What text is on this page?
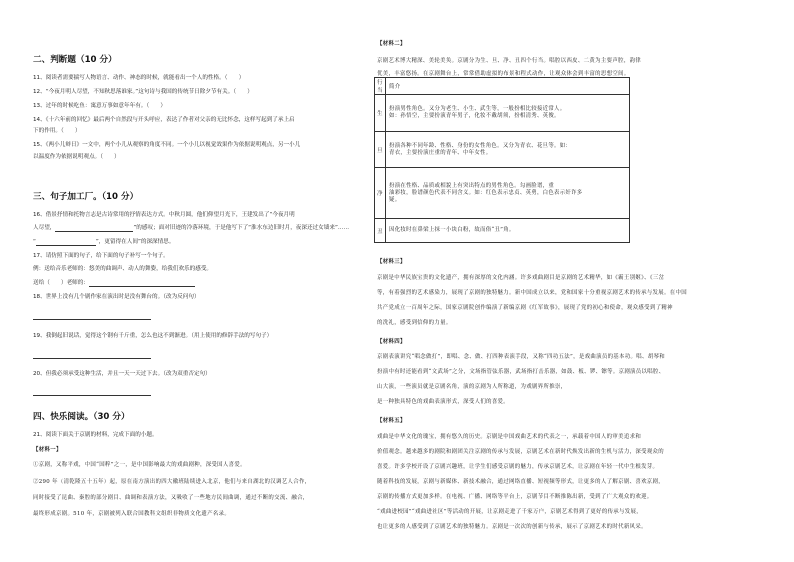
二、判断题（10 分）
11、阅读者需要揣写人物语言、动作、神态的时候，就能看出一个人的性格。（　　）
12、“今夜月明人尽望，不知秋思落谁家。”这句诗与我国的传统节日除夕节有关。（　　）
13、过年的时候吃鱼：寓意万事如意年年有。（　　）
14、《十六年前的回忆》最后两个自然段与开头呼应，表达了作者对父亲的无比怀念，这样写起到了承上启
下的作用。（　　）
15、《两小儿辩日》一文中，两个小儿从观察的角度不同。一个小儿以视觉效果作为依据说明观点，另一小儿
以温度作为依据说明观点。（　　）
三、句子加工厂。（10 分）
16、借景抒情和托物言志是古诗常用的抒情表达方式。中秋月圆，他们仰望月光下，王建发出了“今夜月明
人尽望，	”的感叹；面对旧迹的冷落环境，于是他写下了“淮水东边旧时月，夜深还过女墙来”……
“	”，更留得在人间”的深深情思。
17、请仿照下面的句子，给下面的句子补写一个句子。
例：送给音乐老师的：悠美的曲调声、动人的舞姿，给我们欢乐的感受。
送给（　　）老师的：
18、世界上没有几个剧作家在演出时是没有舞台的。（改为反问句）
19、我倒起旧说话，觉得这个钢有千斤重，怎么也这不到渐进。（用上使用的修辞手法的写句子）
20、但我必须承受这种生活，并且一天一天过下去。（改为双重否定句）
四、快乐阅读。（30 分）
21、阅读下面关于京剧的材料，完成下面的小题。
【材料一】
①京剧，又称平戏，中国“国粹”之一，是中国影响最大的戏曲剧种，深受国人喜爱。
②290 年（清乾隆五十五年）起，原在南方演出的四大徽班陆续进入北京，他们与来自湖北的汉调艺人合作，
同时接受了昆曲、秦腔的部分剧目、曲调和表演方法，又吸收了一些地方民间曲调，通过不断的交流、融合，
最终形成京剧。510 年，京剧被列入联合国教科文组织非物质文化遗产名录。
【材料二】
京剧艺术博大精深、美轮美奂。京剧分为生、旦、净、丑四个行当。唱腔以西皮、二黄为主要声腔，韵律
优美，丰富悠扬。在京剧舞台上，常常借助虚拟的布景和程式动作，让观众体会到丰富的思想空间。
行当	简介
生	扮演男性角色。又分为老生、小生、武生等，一般扮相比较接近常人。
如：孙悟空，主要扮演青年男子，化妆不戴胡须，扮相清秀、英俊。

旦	扮演各种不同年龄、性格、身份的女性角色。又分为青衣、花旦等。如：
青衣，主要扮演庄重的青年、中年女性。

净	扮演在性格、品质或相貌上有突出特点的男性角色。勾画脸谱，重
油彩妆，脸谱颜色代表不同含义。如：红色表示忠贞、英勇，白色表示奸诈多
疑。

丑	因化妆时在鼻梁上抹一小块白粉，故而俗“丑”角。
【材料三】
京剧是中华民族宝贵的文化遗产，拥有深厚的文化内涵。许多戏曲剧目是京剧的艺术精华，如《霸王别姬》、《三岔
等，有着强烈的艺术感染力，展现了京剧的独特魅力。新中国成立以来，党和国家十分重视京剧艺术的传承与发展。在中国
共产党成立一百周年之际，国家京剧院创作编演了新编京剧《红军故事》，展现了党的初心和使命，观众感受到了精神
的洗礼，感受到信仰的力量。
【材料四】
京剧表演讲究“唱念做打”，即唱、念、做、打四种表演手段，又称“四功五法”，是戏曲演员的基本功。唱、胡琴和
扮演中有时还能看到“文武场”之分，文场指管弦乐器，武场指打击乐器，如鼓、板、锣、镲等。京剧演员以唱腔、
山大演，一些演员就是京剧名角，演的京剧为人所称道，为戏剧界所推崇，
是一种独具特色的戏曲表演形式，深受人们的喜爱。
【材料五】
戏曲是中华文化的瑰宝，拥有悠久的历史。京剧是中国戏曲艺术的代表之一，承载着中国人的审美追求和
价值观念。越来越多的剧院和剧团关注京剧的传承与发展，京剧艺术在新时代焕发出新的生机与活力，深受观众的
喜爱。许多学校开设了京剧兴趣班，让学生们感受京剧的魅力，传承京剧艺术，让京剧在年轻一代中生根发芽。
随着科技的发展，京剧与新媒体、新技术融合，通过网络直播、短视频等形式，让更多的人了解京剧、喜欢京剧，
京剧的传播方式更加多样。在电视、广播、网络等平台上，京剧节目不断推陈出新，受到了广大观众的欢迎。
“戏曲进校园”“戏曲进社区”等活动的开展，让京剧走进了千家万户，京剧艺术得到了更好的传承与发展，
也让更多的人感受到了京剧艺术的独特魅力。京剧是一次次的创新与传承，展示了京剧艺术的时代新风采。
